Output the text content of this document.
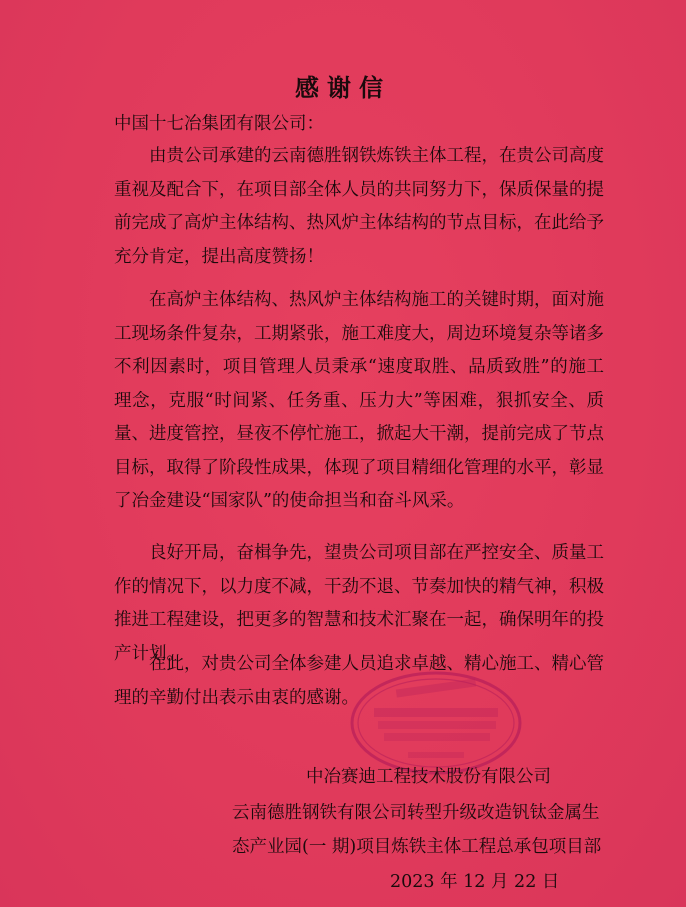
感谢信
中国十七冶集团有限公司：

由贵公司承建的云南德胜钢铁炼铁主体工程，在贵公司高度重视及配合下，在项目部全体人员的共同努力下，保质保量的提前完成了高炉主体结构、热风炉主体结构的节点目标，在此给予充分肯定，提出高度赞扬！

在高炉主体结构、热风炉主体结构施工的关键时期，面对施工现场条件复杂，工期紧张，施工难度大，周边环境复杂等诸多不利因素时，项目管理人员秉承“速度取胜、品质致胜”的施工理念，克服“时间紧、任务重、压力大”等困难，狠抓安全、质量、进度管控，昼夜不停忙施工，掀起大干潮，提前完成了节点目标，取得了阶段性成果，体现了项目精细化管理的水平，彰显了冶金建设“国家队”的使命担当和奋斗风采。

良好开局，奋楫争先，望贵公司项目部在严控安全、质量工作的情况下，以力度不减，干劲不退、节奏加快的精气神，积极推进工程建设，把更多的智慧和技术汇聚在一起，确保明年的投产计划。

在此，对贵公司全体参建人员追求卓越、精心施工、精心管理的辛勤付出表示由衷的感谢。

中冶赛迪工程技术股份有限公司
云南德胜钢铁有限公司转型升级改造钒钛金属生
态产业园(一 期)项目炼铁主体工程总承包项目部
2023 年 12 月 22 日
